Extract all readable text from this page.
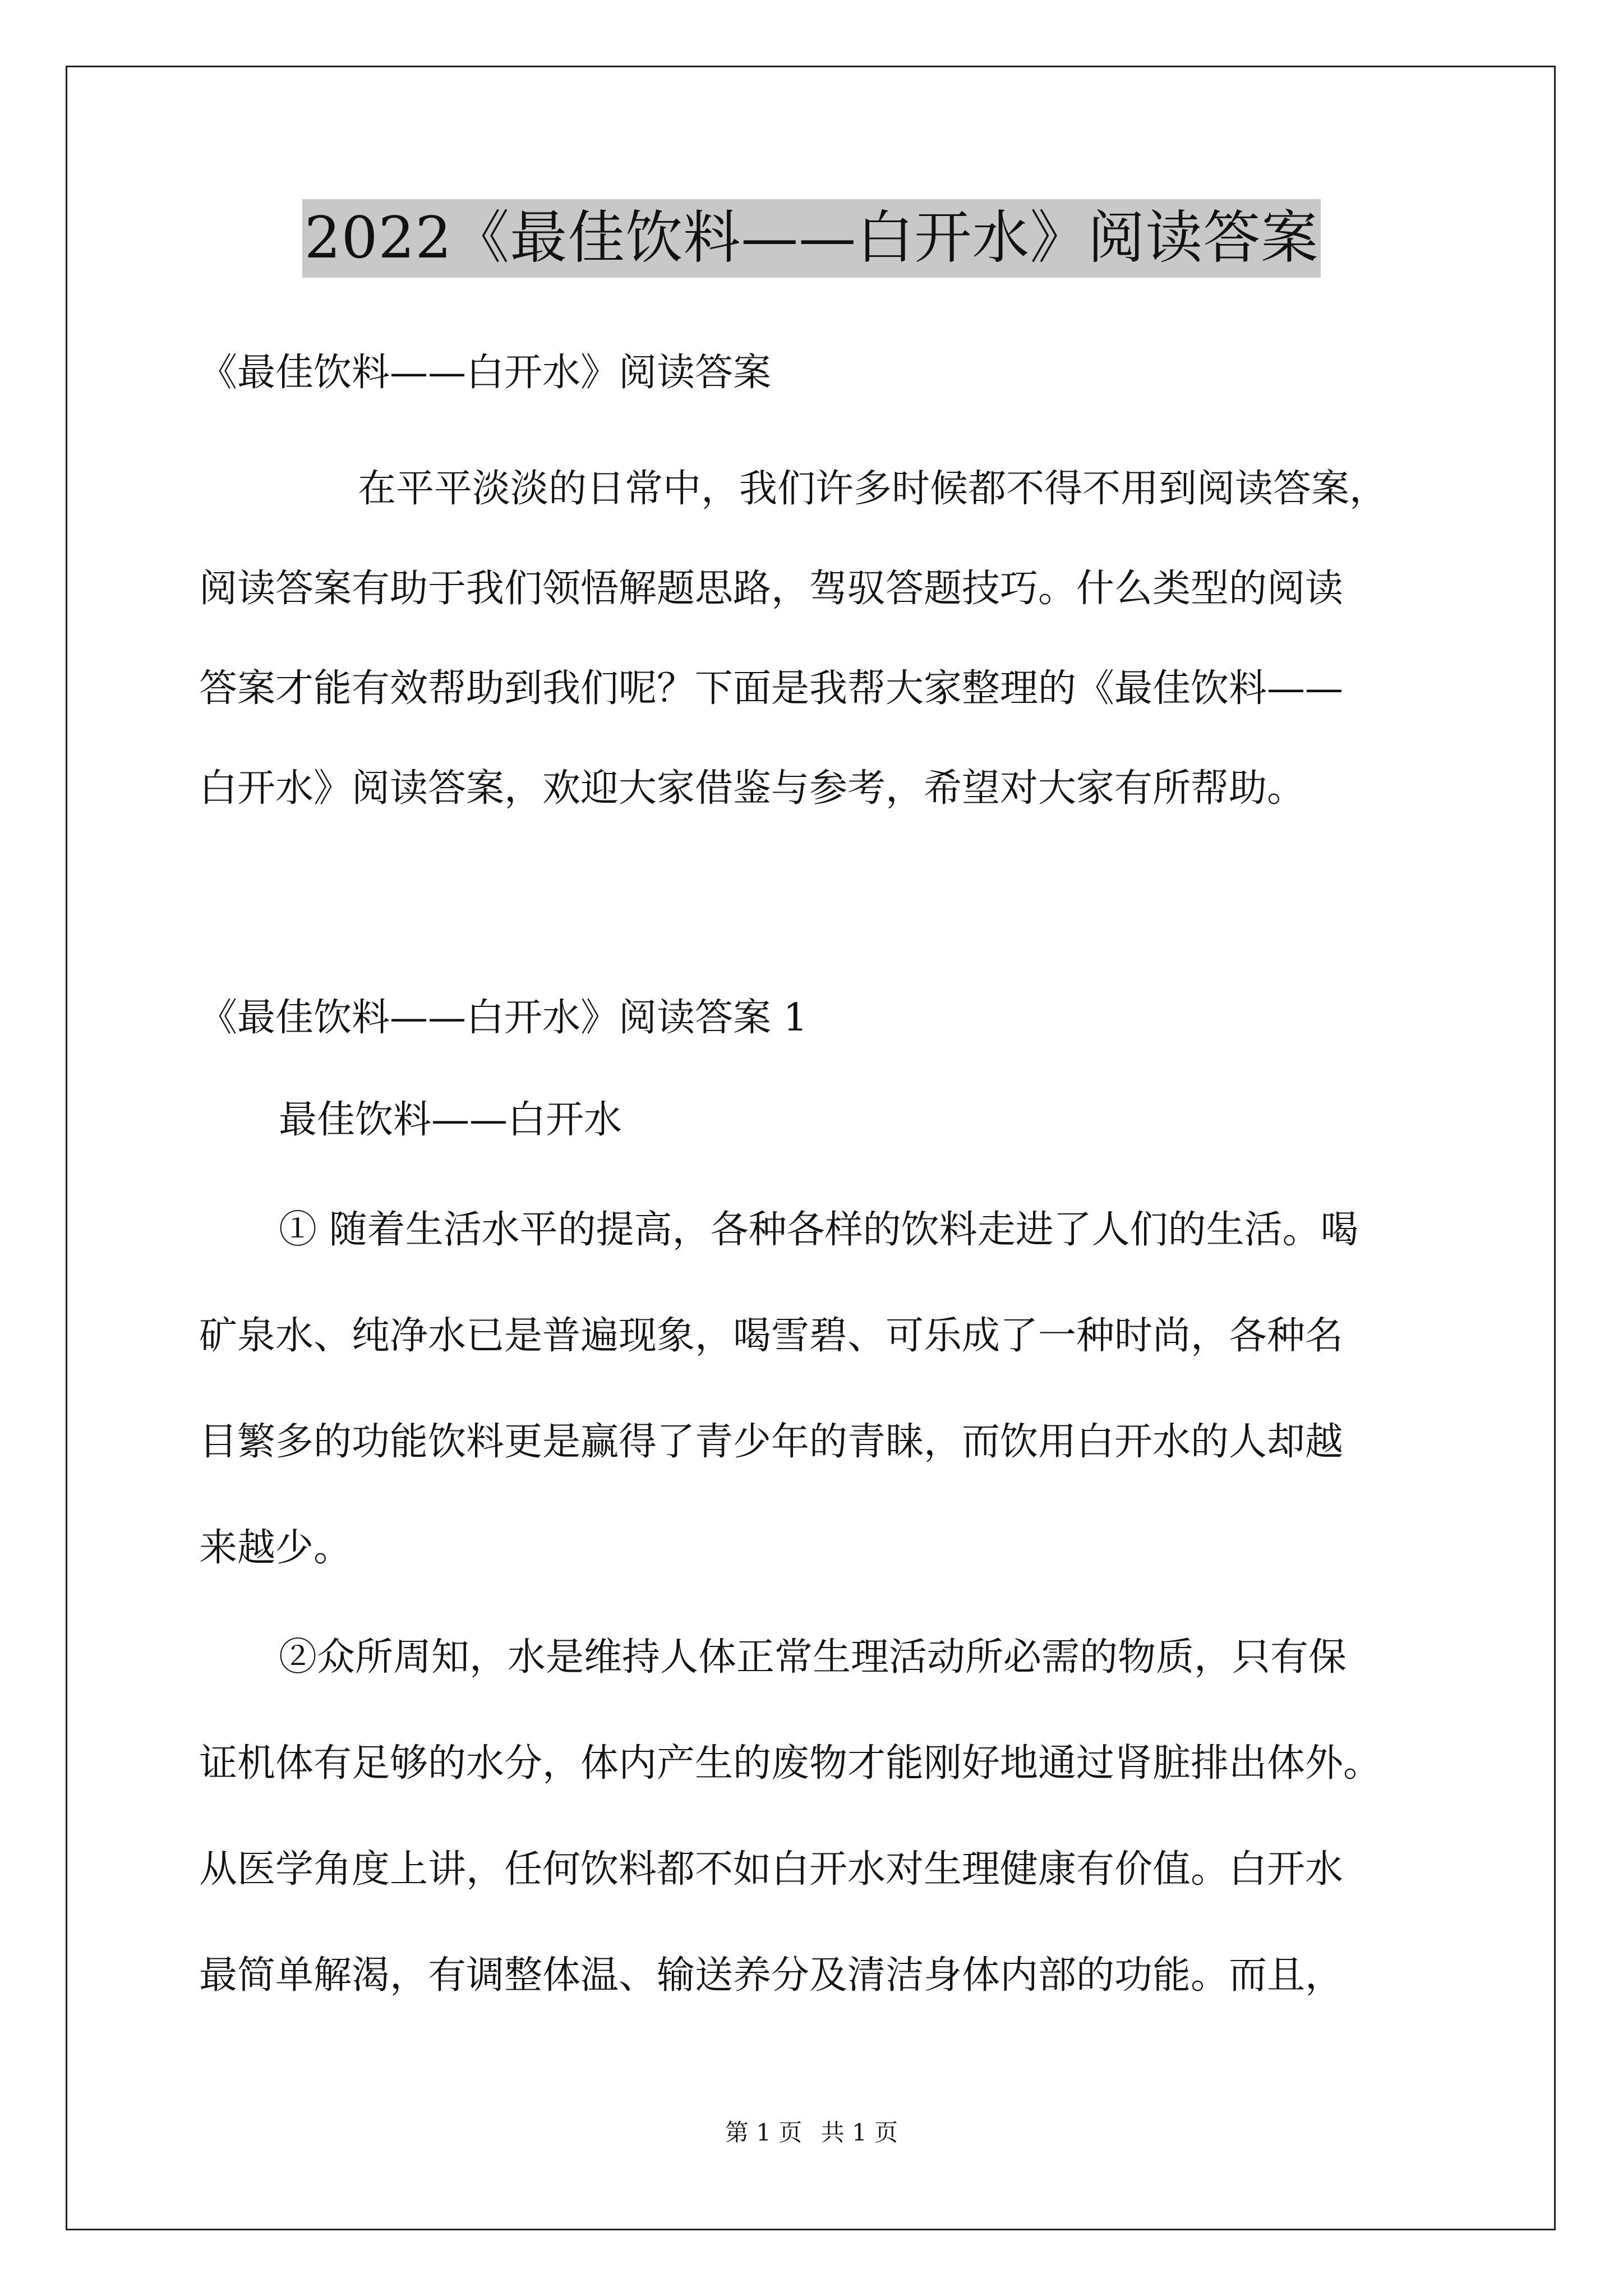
2022《最佳饮料——白开水》阅读答案
《最佳饮料——白开水》阅读答案
在平平淡淡的日常中，我们许多时候都不得不用到阅读答案，
阅读答案有助于我们领悟解题思路，驾驭答题技巧。什么类型的阅读
答案才能有效帮助到我们呢？下面是我帮大家整理的《最佳饮料——
白开水》阅读答案，欢迎大家借鉴与参考，希望对大家有所帮助。
《最佳饮料——白开水》阅读答案 1
最佳饮料——白开水
① 随着生活水平的提高，各种各样的饮料走进了人们的生活。喝
矿泉水、纯净水已是普遍现象，喝雪碧、可乐成了一种时尚，各种名
目繁多的功能饮料更是赢得了青少年的青睐，而饮用白开水的人却越
来越少。
②众所周知，水是维持人体正常生理活动所必需的物质，只有保
证机体有足够的水分，体内产生的废物才能刚好地通过肾脏排出体外。
从医学角度上讲，任何饮料都不如白开水对生理健康有价值。白开水
最简单解渴，有调整体温、输送养分及清洁身体内部的功能。而且，
第 1 页 共 1 页
